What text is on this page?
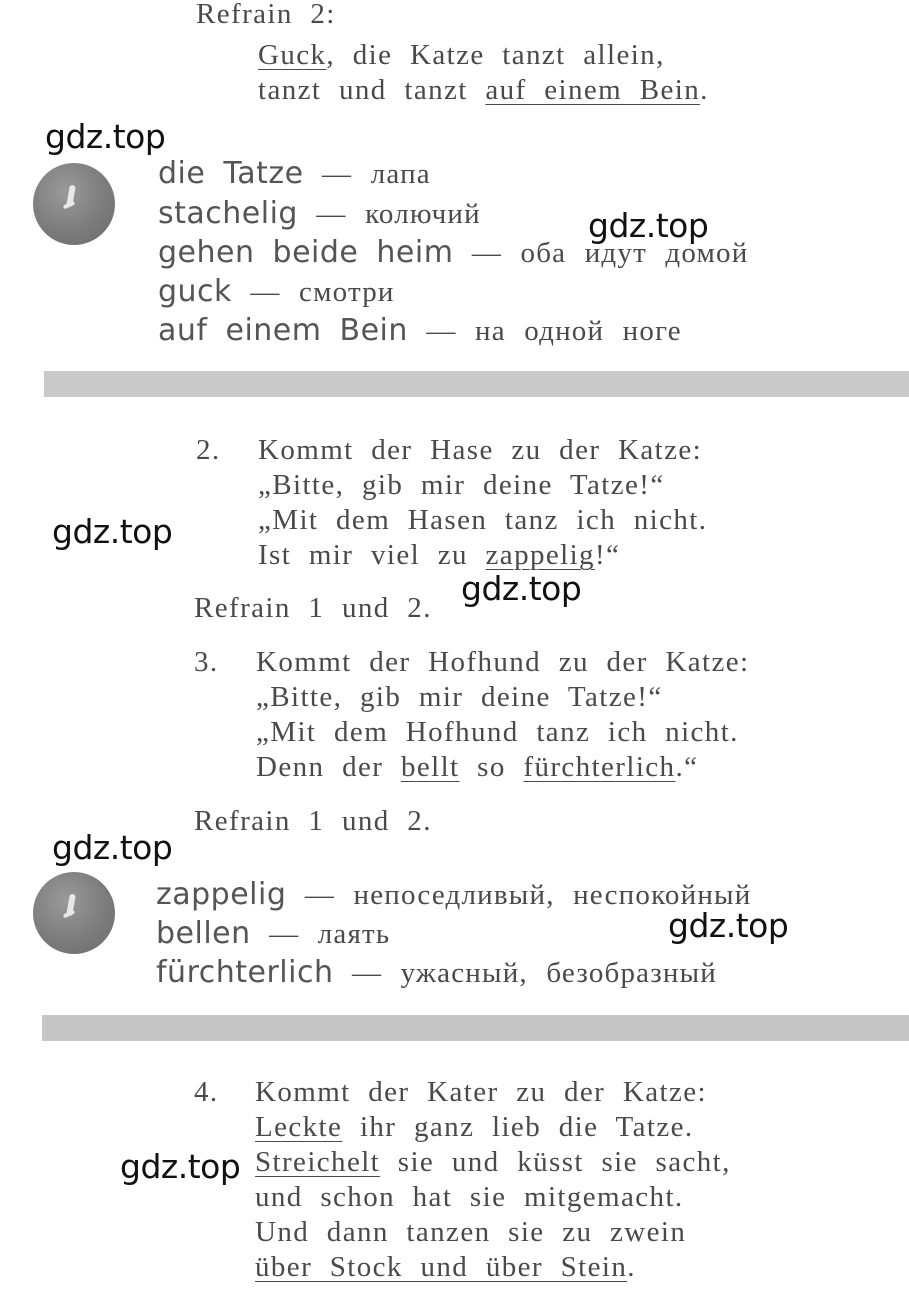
Refrain 2:
Guck, die Katze tanzt allein,
tanzt und tanzt auf einem Bein.
die Tatze — лапа
stachelig — колючий
gehen beide heim — оба идут домой
guck — смотри
auf einem Bein — на одной ноге
2. Kommt der Hase zu der Katze:
„Bitte, gib mir deine Tatze!“
„Mit dem Hasen tanz ich nicht.
Ist mir viel zu zappelig!“
Refrain 1 und 2.
3. Kommt der Hofhund zu der Katze:
„Bitte, gib mir deine Tatze!“
„Mit dem Hofhund tanz ich nicht.
Denn der bellt so fürchterlich.“
Refrain 1 und 2.
zappelig — непоседливый, неспокойный
bellen — лаять
fürchterlich — ужасный, безобразный
4. Kommt der Kater zu der Katze:
Leckte ihr ganz lieb die Tatze.
Streichelt sie und küsst sie sacht,
und schon hat sie mitgemacht.
Und dann tanzen sie zu zwein
über Stock und über Stein.
gdz.top
gdz.top
gdz.top
gdz.top
gdz.top
gdz.top
gdz.top
